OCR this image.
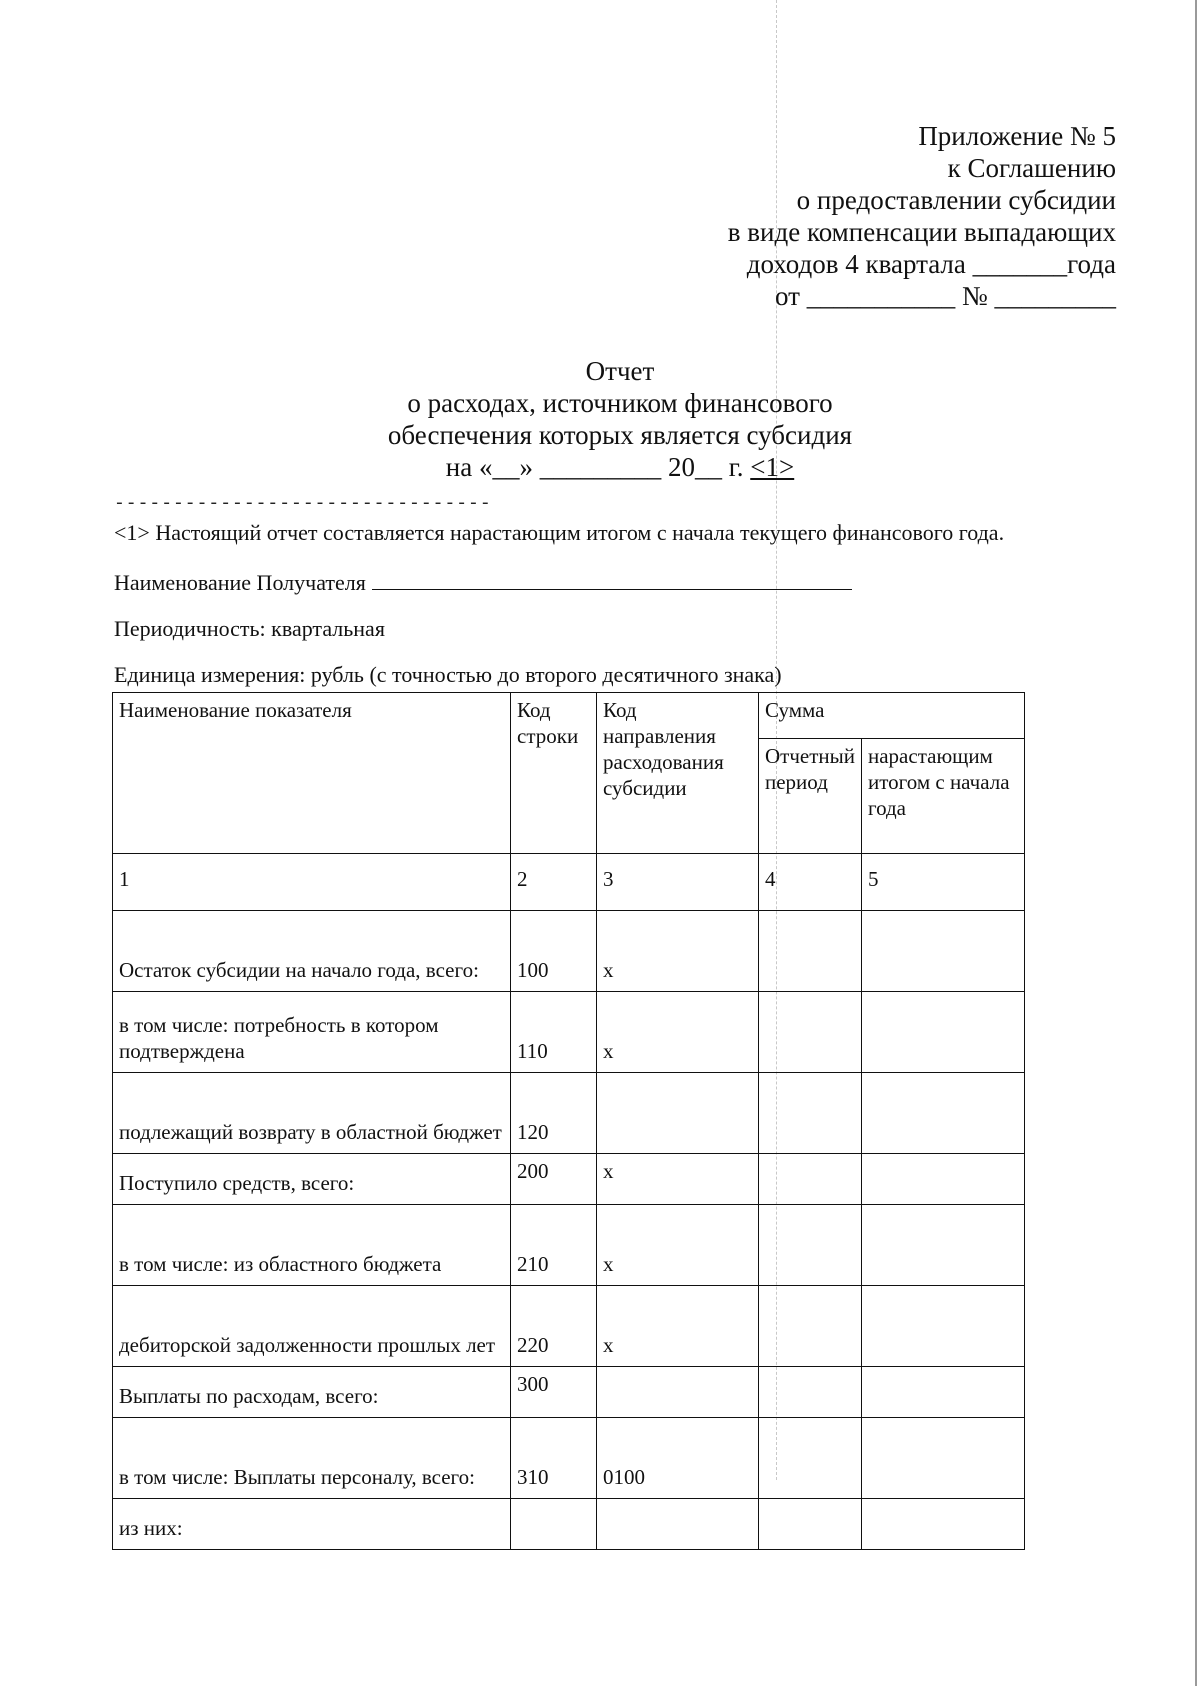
Приложение № 5
к Соглашению
о предоставлении субсидии
в виде компенсации выпадающих
доходов 4 квартала _______года
от ___________ № _________
Отчет
о расходах, источником финансового
обеспечения которых является субсидия
на «__» _________ 20__ г. <1>
--------------------------------
<1> Настоящий отчет составляется нарастающим итогом с начала текущего финансового года.
Наименование Получателя
Периодичность: квартальная
Единица измерения: рубль (с точностью до второго десятичного знака)
Наименование показателя	Код строки	Код направления расходования субсидии	Сумма	
			Отчетный период	нарастающим итогом с начала года
1	2	3	4	5
Остаток субсидии на начало года, всего:	100	x		
в том числе: потребность в котором подтверждена	110	x		
подлежащий возврату в областной бюджет	120			
Поступило средств, всего:	200	x		
в том числе: из областного бюджета	210	x		
дебиторской задолженности прошлых лет	220	x		
Выплаты по расходам, всего:	300			
в том числе: Выплаты персоналу, всего:	310	0100		
из них:				
